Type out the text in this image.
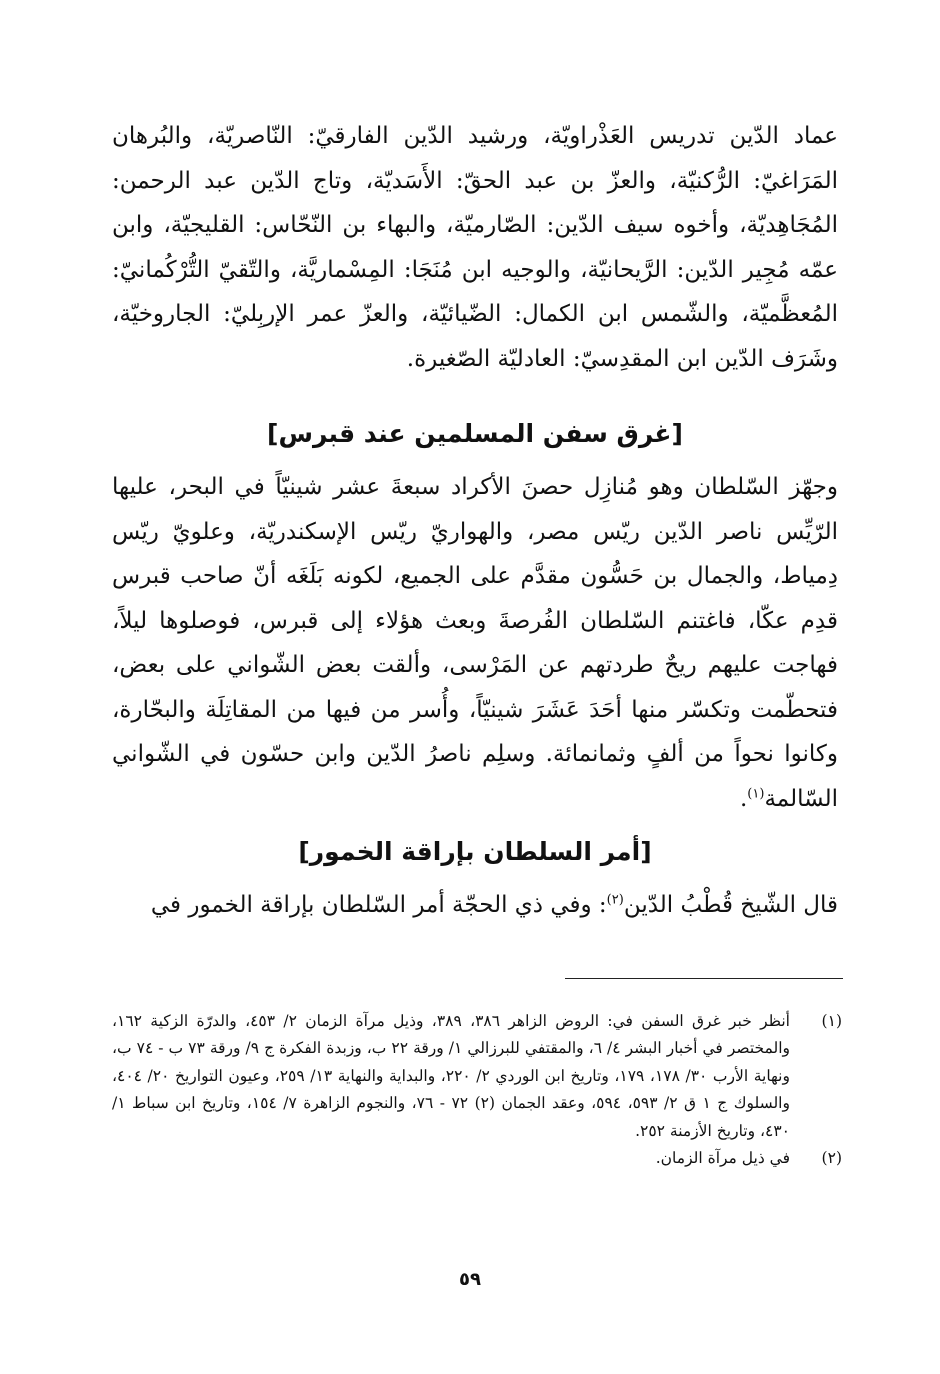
عماد الدّين تدريس العَذْراويّة، ورشيد الدّين الفارقيّ: النّاصريّة، والبُرهان المَرَاغيّ: الرُّكنيّة، والعزّ بن عبد الحقّ: الأَسَديّة، وتاج الدّين عبد الرحمن: المُجَاهِديّة، وأخوه سيف الدّين: الصّارميّة، والبهاء بن النّحّاس: القليجيّة، وابن عمّه مُجِير الدّين: الرَّيحانيّة، والوجيه ابن مُنَجَا: المِسْماريَّة، والتّقيّ التُّرْكُمانيّ: المُعظَّميّة، والشّمس ابن الكمال: الضّيائيّة، والعزّ عمر الإربِليّ: الجاروخيّة، وشَرَف الدّين ابن المقدِسيّ: العادليّة الصّغيرة.

[غرق سفن المسلمين عند قبرس]

وجهّز السّلطان وهو مُنازِل حصنَ الأكراد سبعةَ عشر شينيّاً في البحر، عليها الرّيِّس ناصر الدّين ريّس مصر، والهواريّ ريّس الإسكندريّة، وعلويّ ريّس دِمياط، والجمال بن حَسُّون مقدَّم على الجميع، لكونه بَلَغَه أنّ صاحب قبرس قدِم عكّا، فاغتنم السّلطان الفُرصةَ وبعث هؤلاء إلى قبرس، فوصلوها ليلاً، فهاجت عليهم ريحٌ طردتهم عن المَرْسى، وألقت بعض الشّواني على بعض، فتحطّمت وتكسّر منها أحَدَ عَشَرَ شينيّاً، وأُسر من فيها من المقاتِلَة والبحّارة، وكانوا نحواً من ألفٍ وثمانمائة. وسلِم ناصرُ الدّين وابن حسّون في الشّواني السّالمة$^{(١)}$.

[أمر السلطان بإراقة الخمور]

قال الشّيخ قُطْبُ الدّين$^{(٢)}$: وفي ذي الحجّة أمر السّلطان بإراقة الخمور في

(١)
أنظر خبر غرق السفن في: الروض الزاهر ٣٨٦، ٣٨٩، وذيل مرآة الزمان ٢/ ٤٥٣، والدرّة الزكية ١٦٢، والمختصر في أخبار البشر ٤/ ٦، والمقتفي للبرزالي ١/ ورقة ٢٢ ب، وزبدة الفكرة ج ٩/ ورقة ٧٣ ب - ٧٤ ب، ونهاية الأرب ٣٠/ ١٧٨، ١٧٩، وتاريخ ابن الوردي ٢/ ٢٢٠، والبداية والنهاية ١٣/ ٢٥٩، وعيون التواريخ ٢٠/ ٤٠٤، والسلوك ج ١ ق ٢/ ٥٩٣، ٥٩٤، وعقد الجمان (٢) ٧٢ - ٧٦، والنجوم الزاهرة ٧/ ١٥٤، وتاريخ ابن سباط ١/ ٤٣٠، وتاريخ الأزمنة ٢٥٢.
(٢)
في ذيل مرآة الزمان.
٥٩
